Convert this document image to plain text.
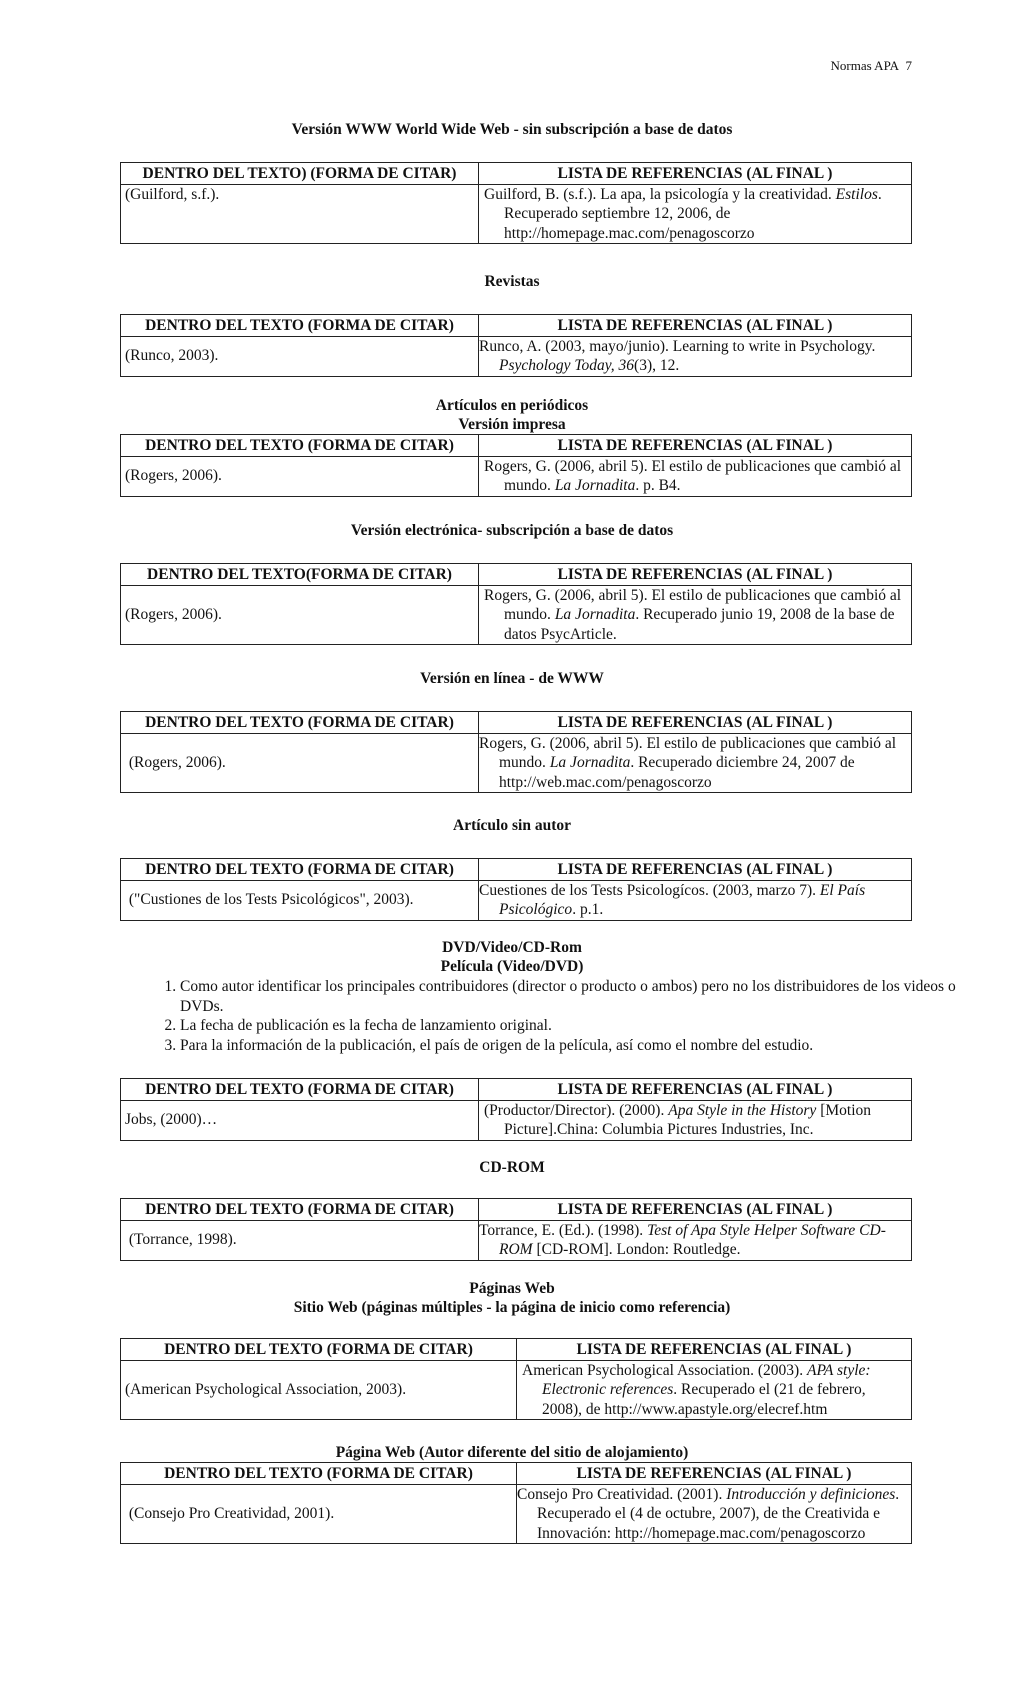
Normas APA 7
Versión WWW World Wide Web - sin subscripción a base de datos
DENTRO DEL TEXTO) (FORMA DE CITAR)	LISTA DE REFERENCIAS (AL FINAL )
(Guilford, s.f.).	Guilford, B. (s.f.). La apa, la psicología y la creatividad. Estilos. Recuperado septiembre 12, 2006, de http://homepage.mac.com/penagoscorzo
Revistas
DENTRO DEL TEXTO (FORMA DE CITAR)	LISTA DE REFERENCIAS (AL FINAL )
(Runco, 2003).	Runco, A. (2003, mayo/junio). Learning to write in Psychology. Psychology Today, 36(3), 12.
Artículos en periódicos
Versión impresa
DENTRO DEL TEXTO (FORMA DE CITAR)	LISTA DE REFERENCIAS (AL FINAL )
(Rogers, 2006).	Rogers, G. (2006, abril 5). El estilo de publicaciones que cambió al mundo. La Jornadita. p. B4.
Versión electrónica- subscripción a base de datos
DENTRO DEL TEXTO(FORMA DE CITAR)	LISTA DE REFERENCIAS (AL FINAL )
(Rogers, 2006).	Rogers, G. (2006, abril 5). El estilo de publicaciones que cambió al mundo. La Jornadita. Recuperado junio 19, 2008 de la base de datos PsycArticle.
Versión en línea - de WWW
DENTRO DEL TEXTO (FORMA DE CITAR)	LISTA DE REFERENCIAS (AL FINAL )
(Rogers, 2006).	Rogers, G. (2006, abril 5). El estilo de publicaciones que cambió al mundo. La Jornadita. Recuperado diciembre 24, 2007 de http://web.mac.com/penagoscorzo
Artículo sin autor
DENTRO DEL TEXTO (FORMA DE CITAR)	LISTA DE REFERENCIAS (AL FINAL )
("Custiones de los Tests Psicológicos", 2003).	Cuestiones de los Tests Psicologícos. (2003, marzo 7). El País Psicológico. p.1.
DVD/Video/CD-Rom
Película (Video/DVD)
1. Como autor identificar los principales contribuidores (director o producto o ambos) pero no los distribuidores de los videos o DVDs.
2. La fecha de publicación es la fecha de lanzamiento original.
3. Para la información de la publicación, el país de origen de la película, así como el nombre del estudio.
DENTRO DEL TEXTO (FORMA DE CITAR)	LISTA DE REFERENCIAS (AL FINAL )
Jobs, (2000)…	(Productor/Director). (2000). Apa Style in the History [Motion Picture].China: Columbia Pictures Industries, Inc.
CD-ROM
DENTRO DEL TEXTO (FORMA DE CITAR)	LISTA DE REFERENCIAS (AL FINAL )
(Torrance, 1998).	Torrance, E. (Ed.). (1998). Test of Apa Style Helper Software CD-ROM [CD-ROM]. London: Routledge.
Páginas Web
Sitio Web (páginas múltiples - la página de inicio como referencia)
DENTRO DEL TEXTO (FORMA DE CITAR)	LISTA DE REFERENCIAS (AL FINAL )
(American Psychological Association, 2003).	American Psychological Association. (2003). APA style: Electronic references. Recuperado el (21 de febrero, 2008), de http://www.apastyle.org/elecref.htm
Página Web (Autor diferente del sitio de alojamiento)
DENTRO DEL TEXTO (FORMA DE CITAR)	LISTA DE REFERENCIAS (AL FINAL )
(Consejo Pro Creatividad, 2001).	Consejo Pro Creatividad. (2001). Introducción y definiciones. Recuperado el (4 de octubre, 2007), de the Creativida e Innovación: http://homepage.mac.com/penagoscorzo
